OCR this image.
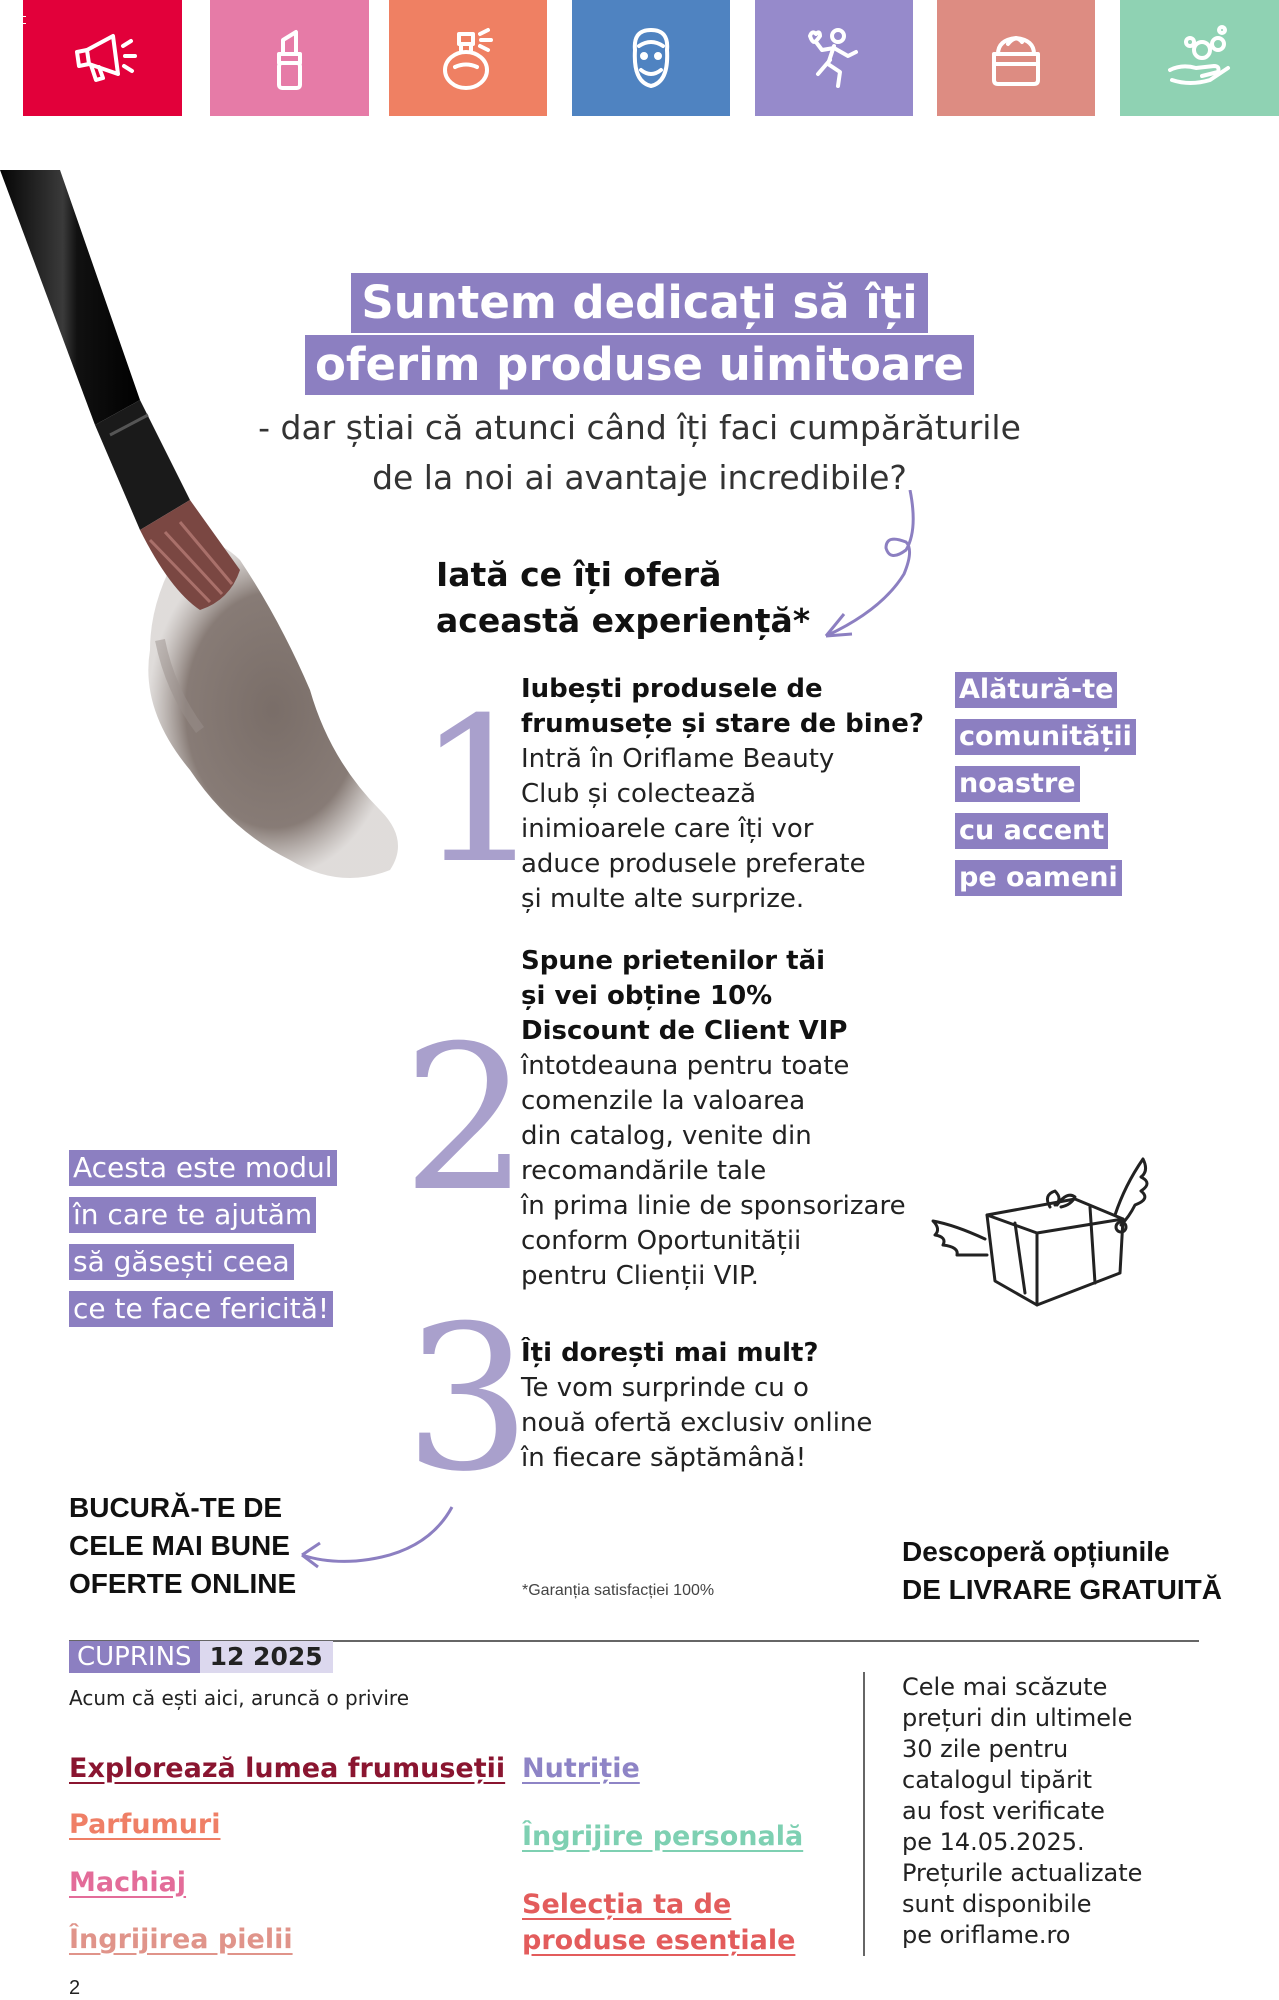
Suntem dedicați să îți
oferim produse uimitoare
- dar știai că atunci când îți faci cumpărăturile
de la noi ai avantaje incredibile?
Iată ce îți oferă
această experiență*
1
Iubești produsele de
frumusețe și stare de bine?
Intră în Oriflame Beauty
Club și colectează
inimioarele care îți vor
aduce produsele preferate
și multe alte surprize.
2
Spune prietenilor tăi
și vei obține 10%
Discount de Client VIP
întotdeauna pentru toate
comenzile la valoarea
din catalog, venite din
recomandările tale
în prima linie de sponsorizare
conform Oportunității
pentru Clienții VIP.
3
Îți dorești mai mult?
Te vom surprinde cu o
nouă ofertă exclusiv online
în fiecare săptămână!
Alătură-te
comunității
noastre
cu accent
pe oameni
Acesta este modul
în care te ajutăm
să găsești ceea
ce te face fericită!
BUCURĂ-TE DE
CELE MAI BUNE
OFERTE ONLINE
Descoperă opțiunile
DE LIVRARE GRATUITĂ
*Garanția satisfacției 100%
CUPRINS 12 2025
Acum că ești aici, aruncă o privire
Explorează lumea frumuseții
Parfumuri
Machiaj
Îngrijirea pielii
Nutriție
Îngrijire personală
Selecția ta de
produse esențiale
Cele mai scăzute
prețuri din ultimele
30 zile pentru
catalogul tipărit
au fost verificate
pe 14.05.2025.
Prețurile actualizate
sunt disponibile
pe oriflame.ro
2
